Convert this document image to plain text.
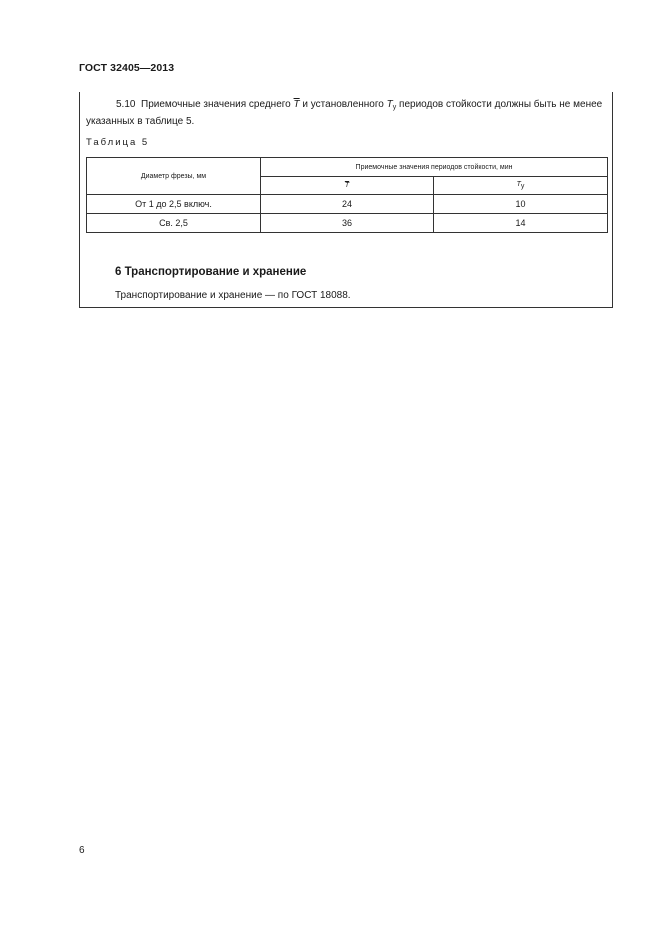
ГОСТ 32405—2013
5.10 Приемочные значения среднего $\overline{T}$ и установленного $T_у$ периодов стойкости должны быть не менее указанных в таблице 5.
Таблица 5
Диаметр фрезы, мм	Приемочные значения периодов стойкости, мин	
	$\overline{T}$	$T_у$
От 1 до 2,5 включ.	24	10
Св. 2,5	36	14
6 Транспортирование и хранение
Транспортирование и хранение — по ГОСТ 18088.
6
